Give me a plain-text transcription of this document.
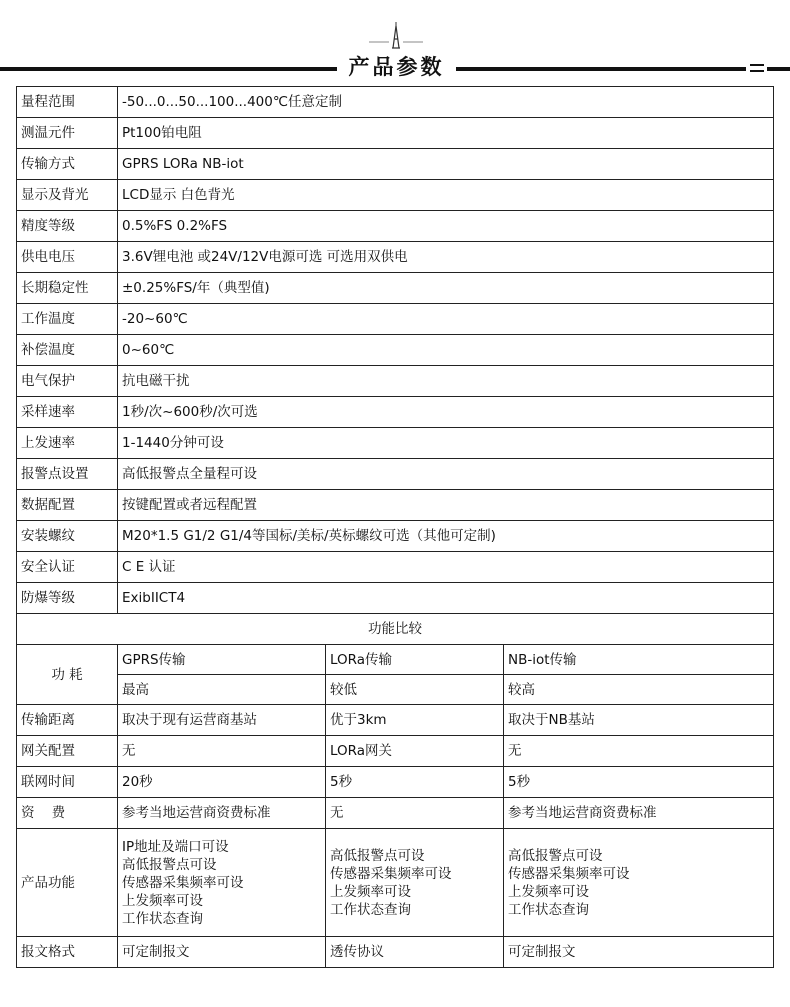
产品参数
量程范围	-50...0...50...100...400℃任意定制		
测温元件	Pt100铂电阻		
传输方式	GPRS LORa NB-iot		
显示及背光	LCD显示 白色背光		
精度等级	0.5%FS 0.2%FS		
供电电压	3.6V锂电池 或24V/12V电源可选 可选用双供电		
长期稳定性	±0.25%FS/年（典型值)		
工作温度	-20~60℃		
补偿温度	0~60℃		
电气保护	抗电磁干扰		
采样速率	1秒/次~600秒/次可选		
上发速率	1-1440分钟可设		
报警点设置	高低报警点全量程可设		
数据配置	按键配置或者远程配置		
安装螺纹	M20*1.5 G1/2 G1/4等国标/美标/英标螺纹可选（其他可定制)		
安全认证	C E 认证		
防爆等级	ExibIICT4		
功能比较			
功 耗	GPRS传输	LORa传输	NB-iot传输
	最高	较低	较高
传输距离	取决于现有运营商基站	优于3km	取决于NB基站
网关配置	无	LORa网关	无
联网时间	20秒	5秒	5秒
资    费	参考当地运营商资费标准	无	参考当地运营商资费标准
产品功能	IP地址及端口可设
高低报警点可设
传感器采集频率可设
上发频率可设
工作状态查询	高低报警点可设
传感器采集频率可设
上发频率可设
工作状态查询	高低报警点可设
传感器采集频率可设
上发频率可设
工作状态查询

报文格式	可定制报文	透传协议	可定制报文
